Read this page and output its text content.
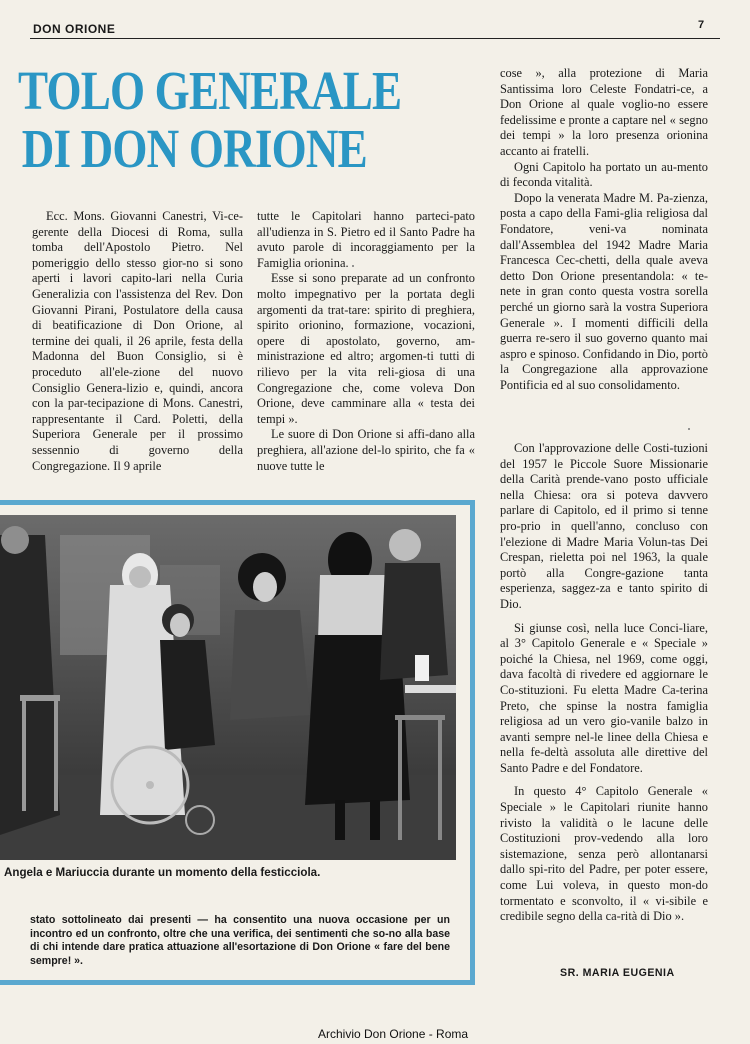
DON ORIONE	7
TOLO GENERALE
DI DON ORIONE

Ecc. Mons. Giovanni Canestri, Vi-ce-gerente della Diocesi di Roma, sulla tomba dell'Apostolo Pietro. Nel pomeriggio dello stesso gior-no si sono aperti i lavori capito-lari nella Curia Generalizia con l'assistenza del Rev. Don Giovanni Pirani, Postulatore della causa di beatificazione di Don Orione, al termine dei quali, il 26 aprile, festa della Madonna del Buon Consiglio, si è proceduto all'ele-zione del nuovo Consiglio Genera-lizio e, quindi, ancora con la par-tecipazione di Mons. Canestri, rappresentante il Card. Poletti, della Superiora Generale per il prossimo sessennio di governo della Congregazione. Il 9 aprile

tutte le Capitolari hanno parteci-pato all'udienza in S. Pietro ed il Santo Padre ha avuto parole di incoraggiamento per la Famiglia orionina.

Esse si sono preparate ad un confronto molto impegnativo per la portata degli argomenti da trat-tare: spirito di preghiera, spirito orionino, formazione, vocazioni, opere di apostolato, governo, am-ministrazione ed altro; argomen-ti tutti di rilievo per la vita reli-giosa di una Congregazione che, come voleva Don Orione, deve camminare alla « testa dei tempi ».

Le suore di Don Orione si affi-dano alla preghiera, all'azione del-lo spirito, che fa « nuove tutte le

cose », alla protezione di Maria Santissima loro Celeste Fondatri-ce, a Don Orione al quale voglio-no essere fedelissime e pronte a captare nel « segno dei tempi » la loro presenza orionina accanto ai fratelli.

Ogni Capitolo ha portato un au-mento di feconda vitalità.

Dopo la venerata Madre M. Pa-zienza, posta a capo della Fami-glia religiosa dal Fondatore, veni-va nominata dall'Assemblea del 1942 Madre Maria Francesca Cec-chetti, della quale aveva detto Don Orione presentandola: « te-nete in gran conto questa vostra sorella perché un giorno sarà la vostra Superiora Generale ». I momenti difficili della guerra re-sero il suo governo quanto mai aspro e spinoso. Confidando in Dio, portò la Congregazione alla approvazione Pontificia ed al suo consolidamento.

Con l'approvazione delle Costi-tuzioni del 1957 le Piccole Suore Missionarie della Carità prende-vano posto ufficiale nella Chiesa: ora si poteva davvero parlare di Capitolo, ed il primo si tenne pro-prio in quell'anno, concluso con l'elezione di Madre Maria Volun-tas Dei Crespan, rieletta poi nel 1963, la quale portò alla Congre-gazione tanta esperienza, saggez-za e tanto spirito di Dio.

Si giunse così, nella luce Conci-liare, al 3° Capitolo Generale e « Speciale » poiché la Chiesa, nel 1969, come oggi, dava facoltà di rivedere ed aggiornare le Co-stituzioni. Fu eletta Madre Ca-terina Preto, che spinse la nostra famiglia religiosa ad un vero gio-vanile balzo in avanti sempre nel-le linee della Chiesa e nella fe-deltà assoluta alle direttive del Santo Padre e del Fondatore.

In questo 4° Capitolo Generale « Speciale » le Capitolari riunite hanno rivisto la validità o le lacune delle Costituzioni prov-vedendo alla loro sistemazione, senza però allontanarsi dallo spi-rito del Padre, per poter essere, come Lui voleva, in questo mon-do tormentato e sconvolto, il « vi-sibile e credibile segno della ca-rità di Dio ».

Angela e Mariuccia durante un momento della festicciola.
stato sottolineato dai presenti — ha consentito una nuova occasione per un incontro ed un confronto, oltre che una verifica, dei sentimenti che so-no alla base di chi intende dare pratica attuazione all'esortazione di Don Orione « fare del bene sempre! ».
SR. MARIA EUGENIA
Archivio Don Orione - Roma
